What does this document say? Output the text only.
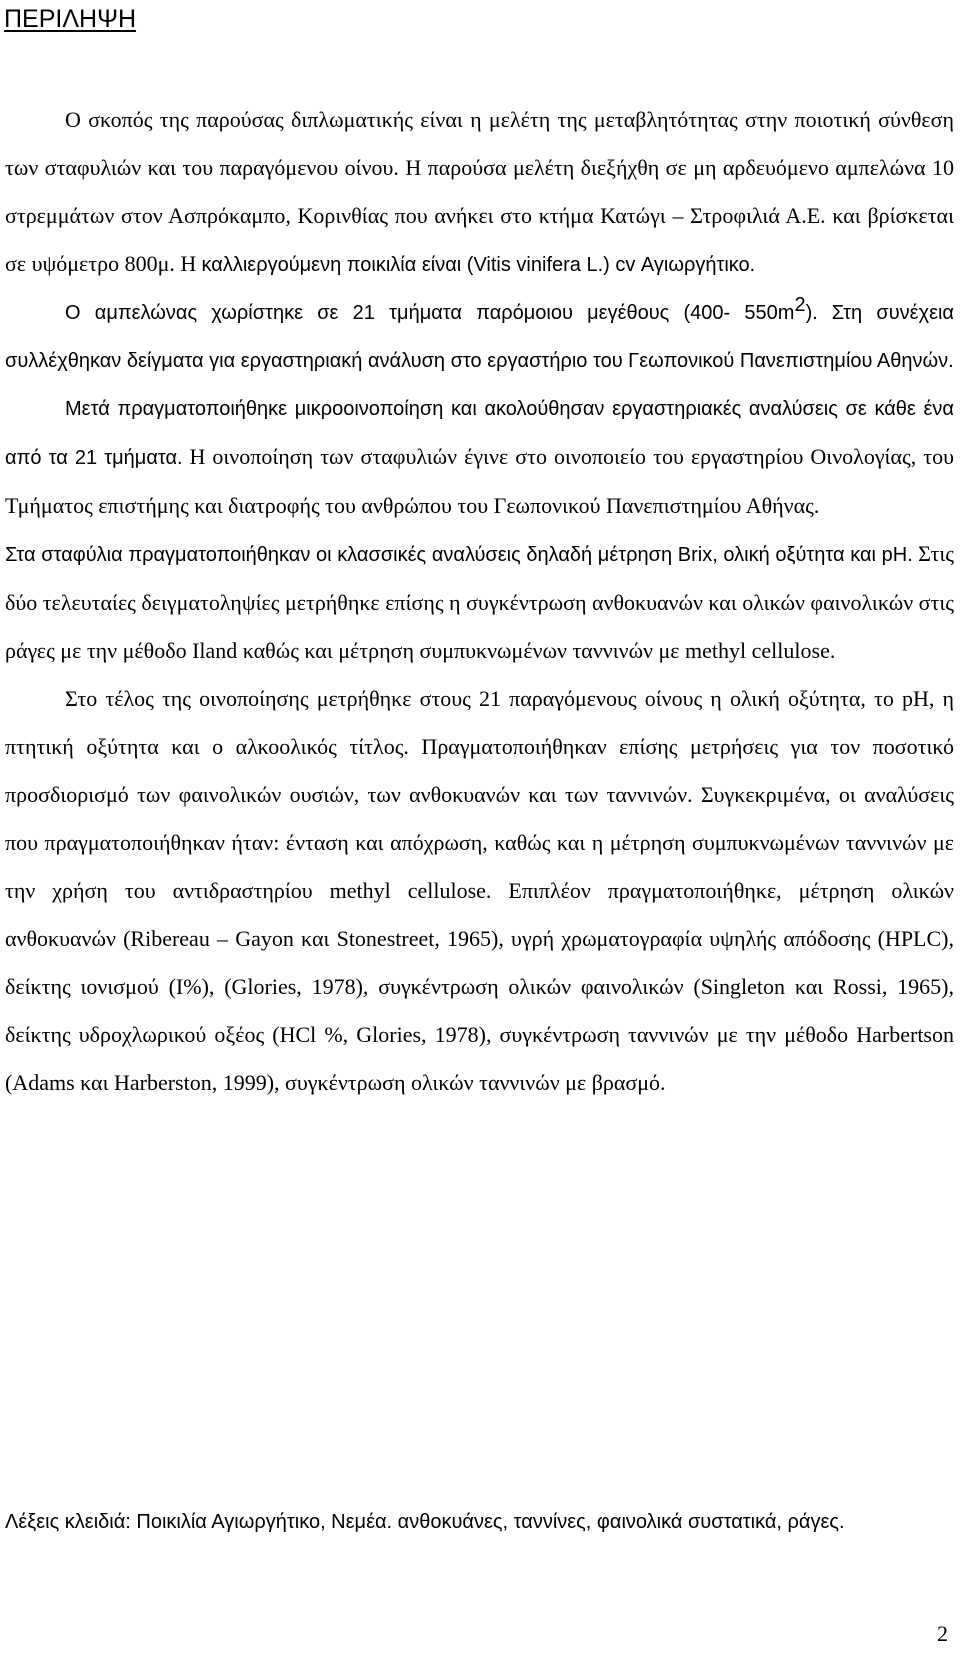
ΠΕΡΙΛΗΨΗ

Ο σκοπός της παρούσας διπλωματικής είναι η μελέτη της μεταβλητότητας στην ποιοτική σύνθεση των σταφυλιών και του παραγόμενου οίνου. Η παρούσα μελέτη διεξήχθη σε μη αρδευόμενο αμπελώνα 10 στρεμμάτων στον Ασπρόκαμπο, Κορινθίας που ανήκει στο κτήμα Κατώγι – Στροφιλιά Α.Ε. και βρίσκεται σε υψόμετρο 800μ. Η καλλιεργούμενη ποικιλία είναι (Vitis vinifera L.) cv Αγιωργήτικο.

Ο αμπελώνας χωρίστηκε σε 21 τμήματα παρόμοιου μεγέθους (400- $550m^2$). Στη συνέχεια συλλέχθηκαν δείγματα για εργαστηριακή ανάλυση στο εργαστήριο του Γεωπονικού Πανεπιστημίου Αθηνών.

Μετά πραγματοποιήθηκε μικροοινοποίηση και ακολούθησαν εργαστηριακές αναλύσεις σε κάθε ένα από τα 21 τμήματα. Η οινοποίηση των σταφυλιών έγινε στο οινοποιείο του εργαστηρίου Οινολογίας, του Τμήματος επιστήμης και διατροφής του ανθρώπου του Γεωπονικού Πανεπιστημίου Αθήνας.

Στα σταφύλια πραγματοποιήθηκαν οι κλασσικές αναλύσεις δηλαδή μέτρηση Brix, ολική οξύτητα και pH. Στις δύο τελευταίες δειγματοληψίες μετρήθηκε επίσης η συγκέντρωση ανθοκυανών και ολικών φαινολικών στις ράγες με την μέθοδο Iland καθώς και μέτρηση συμπυκνωμένων ταννινών με methyl cellulose.

Στο τέλος της οινοποίησης μετρήθηκε στους 21 παραγόμενους οίνους η ολική οξύτητα, το pH, η πτητική οξύτητα και ο αλκοολικός τίτλος. Πραγματοποιήθηκαν επίσης μετρήσεις για τον ποσοτικό προσδιορισμό των φαινολικών ουσιών, των ανθοκυανών και των ταννινών. Συγκεκριμένα, οι αναλύσεις που πραγματοποιήθηκαν ήταν: ένταση και απόχρωση, καθώς και η μέτρηση συμπυκνωμένων ταννινών με την χρήση του αντιδραστηρίου methyl cellulose. Επιπλέον πραγματοποιήθηκε, μέτρηση ολικών ανθοκυανών (Ribereau – Gayon και Stonestreet, 1965), υγρή χρωματογραφία υψηλής απόδοσης (HPLC), δείκτης ιονισμού (I%), (Glories, 1978), συγκέντρωση ολικών φαινολικών (Singleton και Rossi, 1965), δείκτης υδροχλωρικού οξέος (HCl %, Glories, 1978), συγκέντρωση ταννινών με την μέθοδο Harbertson (Adams και Harberston, 1999), συγκέντρωση ολικών ταννινών με βρασμό.

Λέξεις κλειδιά: Ποικιλία Αγιωργήτικο, Νεμέα. ανθοκυάνες, ταννίνες, φαινολικά συστατικά, ράγες.

2
